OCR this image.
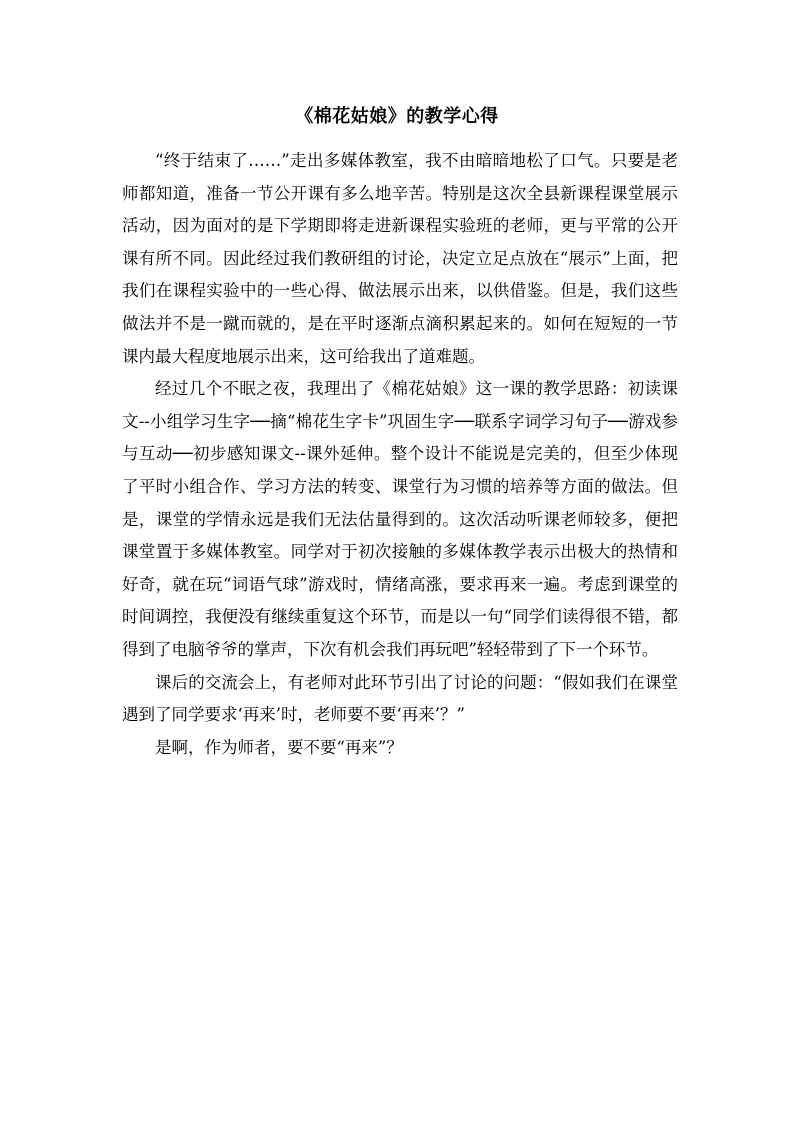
《棉花姑娘》的教学心得

“终于结束了……”走出多媒体教室，我不由暗暗地松了口气。只要是老师都知道，准备一节公开课有多么地辛苦。特别是这次全县新课程课堂展示活动，因为面对的是下学期即将走进新课程实验班的老师，更与平常的公开课有所不同。因此经过我们教研组的讨论，决定立足点放在“展示”上面，把我们在课程实验中的一些心得、做法展示出来，以供借鉴。但是，我们这些做法并不是一蹴而就的，是在平时逐渐点滴积累起来的。如何在短短的一节课内最大程度地展示出来，这可给我出了道难题。

经过几个不眠之夜，我理出了《棉花姑娘》这一课的教学思路：初读课文--小组学习生字──摘“棉花生字卡”巩固生字──联系字词学习句子──游戏参与互动──初步感知课文--课外延伸。整个设计不能说是完美的，但至少体现了平时小组合作、学习方法的转变、课堂行为习惯的培养等方面的做法。但是，课堂的学情永远是我们无法估量得到的。这次活动听课老师较多，便把课堂置于多媒体教室。同学对于初次接触的多媒体教学表示出极大的热情和好奇，就在玩“词语气球”游戏时，情绪高涨，要求再来一遍。考虑到课堂的时间调控，我便没有继续重复这个环节，而是以一句“同学们读得很不错，都得到了电脑爷爷的掌声，下次有机会我们再玩吧”轻轻带到了下一个环节。

课后的交流会上，有老师对此环节引出了讨论的问题：“假如我们在课堂遇到了同学要求‘再来’时，老师要不要‘再来’？”

是啊，作为师者，要不要“再来”？
